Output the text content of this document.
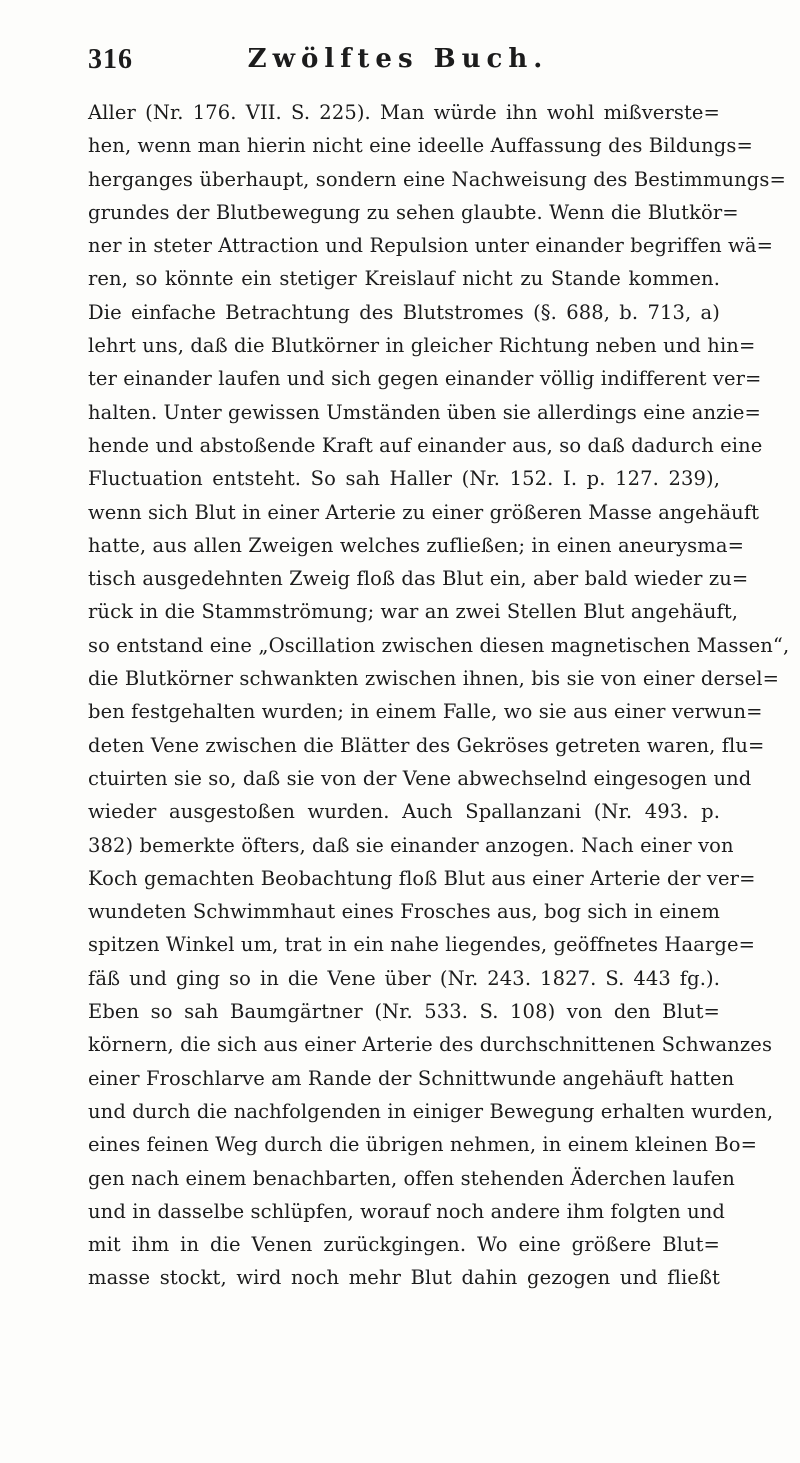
316	Zwölftes Buch.
Aller (Nr. 176. VII. S. 225). Man würde ihn wohl mißverste=
hen, wenn man hierin nicht eine ideelle Auffassung des Bildungs=
herganges überhaupt, sondern eine Nachweisung des Bestimmungs=
grundes der Blutbewegung zu sehen glaubte. Wenn die Blutkör=
ner in steter Attraction und Repulsion unter einander begriffen wä=
ren, so könnte ein stetiger Kreislauf nicht zu Stande kommen.
Die einfache Betrachtung des Blutstromes (§. 688, b. 713, a)
lehrt uns, daß die Blutkörner in gleicher Richtung neben und hin=
ter einander laufen und sich gegen einander völlig indifferent ver=
halten. Unter gewissen Umständen üben sie allerdings eine anzie=
hende und abstoßende Kraft auf einander aus, so daß dadurch eine
Fluctuation entsteht. So sah Haller (Nr. 152. I. p. 127. 239),
wenn sich Blut in einer Arterie zu einer größeren Masse angehäuft
hatte, aus allen Zweigen welches zufließen; in einen aneurysma=
tisch ausgedehnten Zweig floß das Blut ein, aber bald wieder zu=
rück in die Stammströmung; war an zwei Stellen Blut angehäuft,
so entstand eine „Oscillation zwischen diesen magnetischen Massen“,
die Blutkörner schwankten zwischen ihnen, bis sie von einer dersel=
ben festgehalten wurden; in einem Falle, wo sie aus einer verwun=
deten Vene zwischen die Blätter des Gekröses getreten waren, flu=
ctuirten sie so, daß sie von der Vene abwechselnd eingesogen und
wieder ausgestoßen wurden. Auch Spallanzani (Nr. 493. p.
382) bemerkte öfters, daß sie einander anzogen. Nach einer von
Koch gemachten Beobachtung floß Blut aus einer Arterie der ver=
wundeten Schwimmhaut eines Frosches aus, bog sich in einem
spitzen Winkel um, trat in ein nahe liegendes, geöffnetes Haarge=
fäß und ging so in die Vene über (Nr. 243. 1827. S. 443 fg.).
Eben so sah Baumgärtner (Nr. 533. S. 108) von den Blut=
körnern, die sich aus einer Arterie des durchschnittenen Schwanzes
einer Froschlarve am Rande der Schnittwunde angehäuft hatten
und durch die nachfolgenden in einiger Bewegung erhalten wurden,
eines feinen Weg durch die übrigen nehmen, in einem kleinen Bo=
gen nach einem benachbarten, offen stehenden Äderchen laufen
und in dasselbe schlüpfen, worauf noch andere ihm folgten und
mit ihm in die Venen zurückgingen. Wo eine größere Blut=
masse stockt, wird noch mehr Blut dahin gezogen und fließt
